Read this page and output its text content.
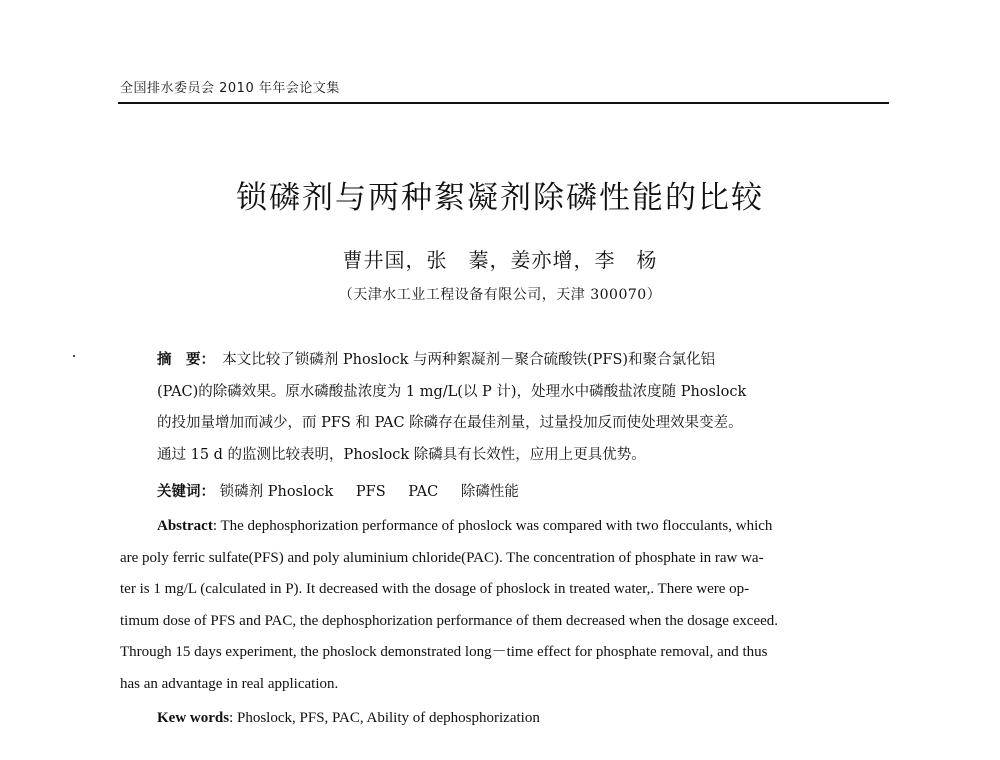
全国排水委员会 2010 年年会论文集
锁磷剂与两种絮凝剂除磷性能的比较
曹井国，张　蓁，姜亦增，李　杨
（天津水工业工程设备有限公司，天津 300070）
摘　要：　 本文比较了锁磷剂 Phoslock 与两种絮凝剂－聚合硫酸铁(PFS)和聚合氯化铝
(PAC)的除磷效果。原水磷酸盐浓度为 1 mg/L(以 P 计)，处理水中磷酸盐浓度随 Phoslock
的投加量增加而减少，而 PFS 和 PAC 除磷存在最佳剂量，过量投加反而使处理效果变差。
通过 15 d 的监测比较表明，Phoslock 除磷具有长效性，应用上更具优势。
关键词： 锁磷剂 Phoslock PFS PAC 除磷性能
Abstract: The dephosphorization performance of phoslock was compared with two flocculants, which
are poly ferric sulfate(PFS) and poly aluminium chloride(PAC). The concentration of phosphate in raw wa-
ter is 1 mg/L (calculated in P). It decreased with the dosage of phoslock in treated water,. There were op-
timum dose of PFS and PAC, the dephosphorization performance of them decreased when the dosage exceed.
Through 15 days experiment, the phoslock demonstrated long－time effect for phosphate removal, and thus
has an advantage in real application.
Kew words: Phoslock, PFS, PAC, Ability of dephosphorization
